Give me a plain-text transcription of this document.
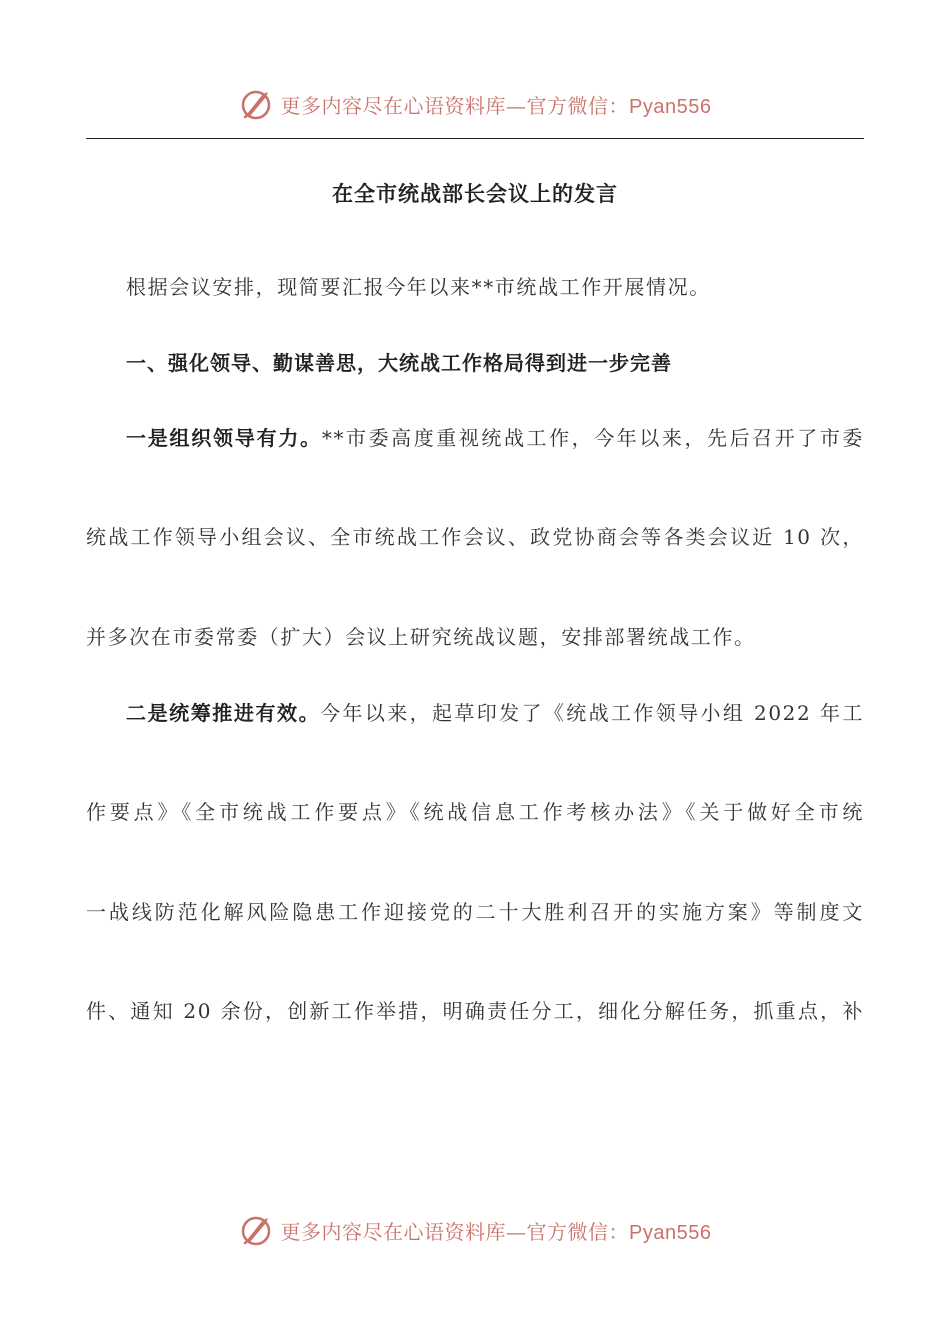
更多内容尽在心语资料库—官方微信：Pyan556
在全市统战部长会议上的发言
根据会议安排，现简要汇报今年以来**市统战工作开展情况。
一、强化领导、勤谋善思，大统战工作格局得到进一步完善
一是组织领导有力。**市委高度重视统战工作，今年以来，先后召开了市委
统战工作领导小组会议、全市统战工作会议、政党协商会等各类会议近 10 次，
并多次在市委常委（扩大）会议上研究统战议题，安排部署统战工作。
二是统筹推进有效。今年以来，起草印发了《统战工作领导小组 2022 年工
作要点》《全市统战工作要点》《统战信息工作考核办法》《关于做好全市统
一战线防范化解风险隐患工作迎接党的二十大胜利召开的实施方案》等制度文
件、通知 20 余份，创新工作举措，明确责任分工，细化分解任务，抓重点，补
更多内容尽在心语资料库—官方微信：Pyan556
